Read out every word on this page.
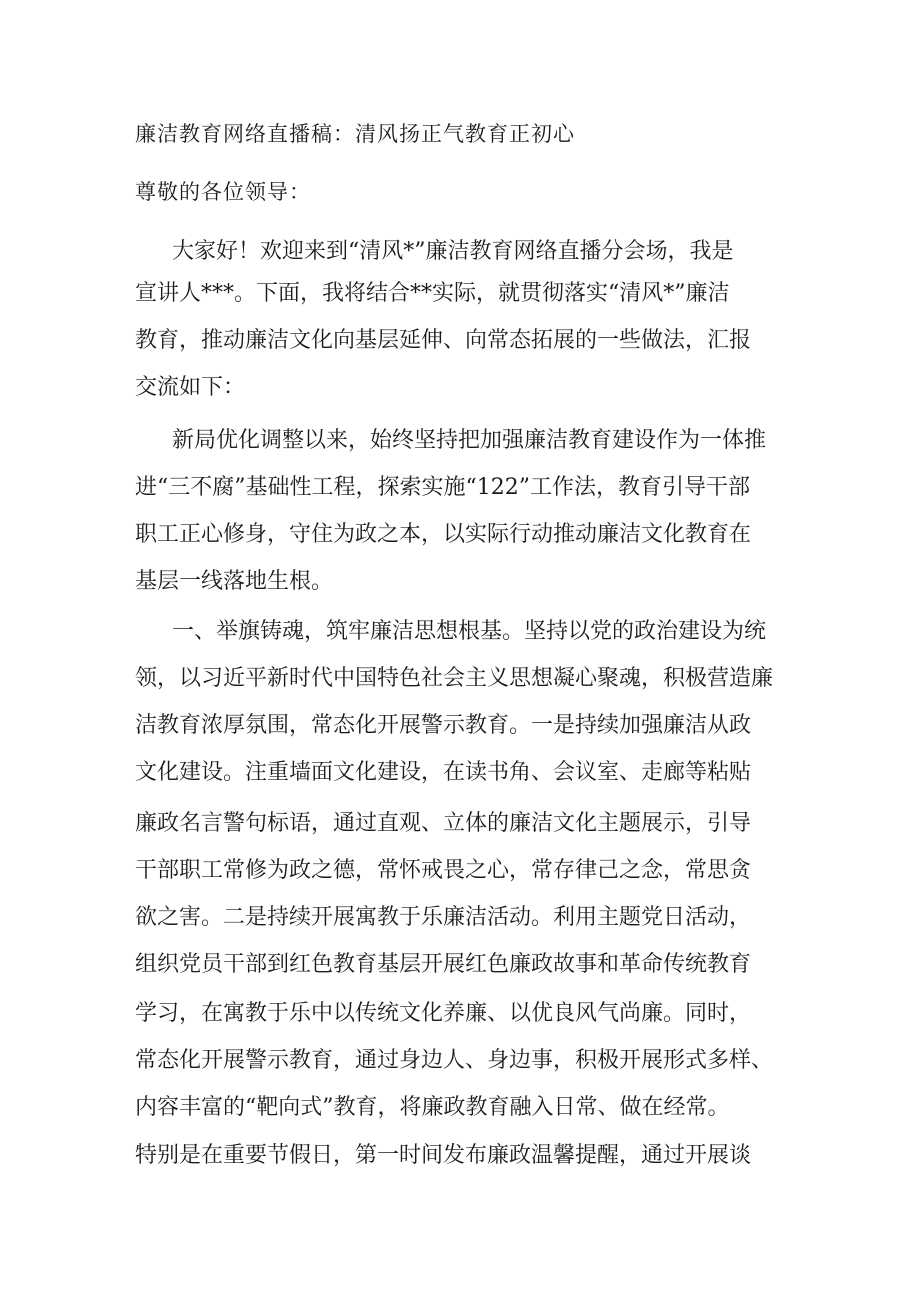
廉洁教育网络直播稿：清风扬正气教育正初心
尊敬的各位领导：
大家好！欢迎来到“清风*”廉洁教育网络直播分会场，我是
宣讲人***。下面，我将结合**实际，就贯彻落实“清风*”廉洁
教育，推动廉洁文化向基层延伸、向常态拓展的一些做法，汇报
交流如下：
新局优化调整以来，始终坚持把加强廉洁教育建设作为一体推
进“三不腐”基础性工程，探索实施“122”工作法，教育引导干部
职工正心修身，守住为政之本，以实际行动推动廉洁文化教育在
基层一线落地生根。
一、举旗铸魂，筑牢廉洁思想根基。坚持以党的政治建设为统
领，以习近平新时代中国特色社会主义思想凝心聚魂，积极营造廉
洁教育浓厚氛围，常态化开展警示教育。一是持续加强廉洁从政
文化建设。注重墙面文化建设，在读书角、会议室、走廊等粘贴
廉政名言警句标语，通过直观、立体的廉洁文化主题展示，引导
干部职工常修为政之德，常怀戒畏之心，常存律己之念，常思贪
欲之害。二是持续开展寓教于乐廉洁活动。利用主题党日活动，
组织党员干部到红色教育基层开展红色廉政故事和革命传统教育
学习，在寓教于乐中以传统文化养廉、以优良风气尚廉。同时，
常态化开展警示教育，通过身边人、身边事，积极开展形式多样、
内容丰富的“靶向式”教育，将廉政教育融入日常、做在经常。
特别是在重要节假日，第一时间发布廉政温馨提醒，通过开展谈
